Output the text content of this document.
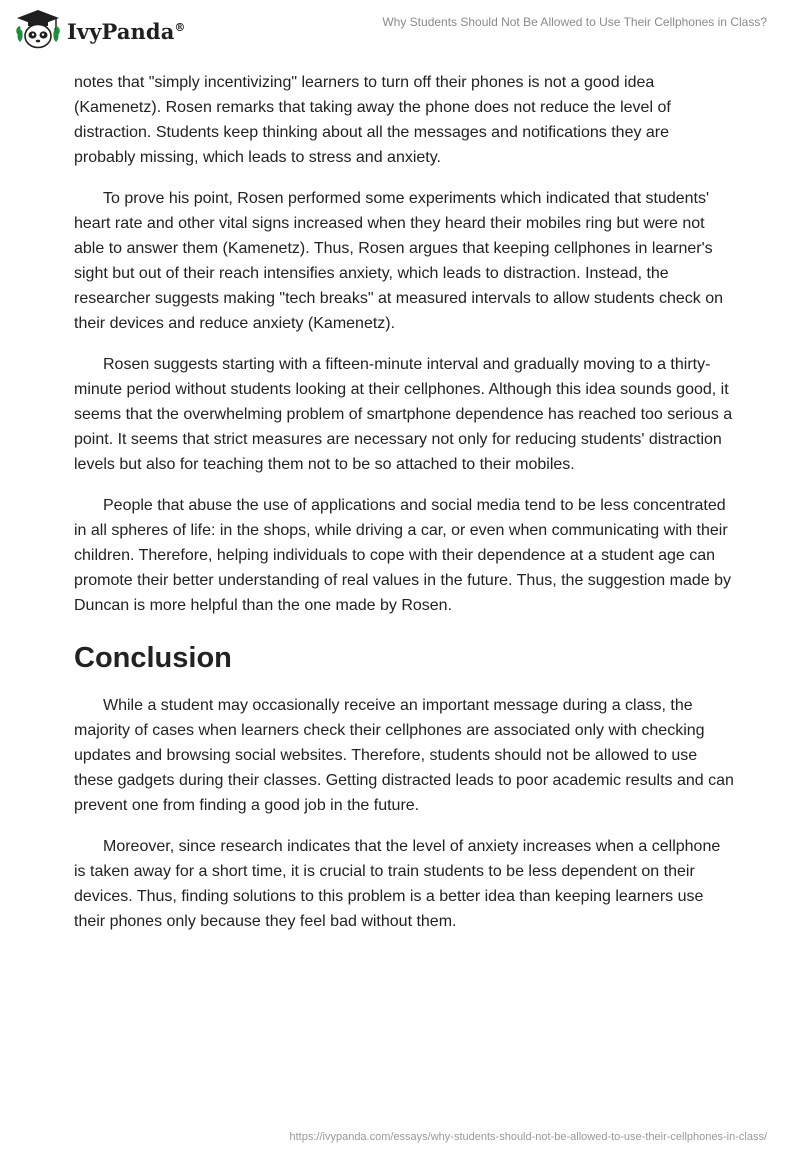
IvyPanda®	Why Students Should Not Be Allowed to Use Their Cellphones in Class?

notes that "simply incentivizing" learners to turn off their phones is not a good idea (Kamenetz). Rosen remarks that taking away the phone does not reduce the level of distraction. Students keep thinking about all the messages and notifications they are probably missing, which leads to stress and anxiety.

To prove his point, Rosen performed some experiments which indicated that students' heart rate and other vital signs increased when they heard their mobiles ring but were not able to answer them (Kamenetz). Thus, Rosen argues that keeping cellphones in learner's sight but out of their reach intensifies anxiety, which leads to distraction. Instead, the researcher suggests making "tech breaks" at measured intervals to allow students check on their devices and reduce anxiety (Kamenetz).

Rosen suggests starting with a fifteen-minute interval and gradually moving to a thirty-minute period without students looking at their cellphones. Although this idea sounds good, it seems that the overwhelming problem of smartphone dependence has reached too serious a point. It seems that strict measures are necessary not only for reducing students' distraction levels but also for teaching them not to be so attached to their mobiles.

People that abuse the use of applications and social media tend to be less concentrated in all spheres of life: in the shops, while driving a car, or even when communicating with their children. Therefore, helping individuals to cope with their dependence at a student age can promote their better understanding of real values in the future. Thus, the suggestion made by Duncan is more helpful than the one made by Rosen.

Conclusion

While a student may occasionally receive an important message during a class, the majority of cases when learners check their cellphones are associated only with checking updates and browsing social websites. Therefore, students should not be allowed to use these gadgets during their classes. Getting distracted leads to poor academic results and can prevent one from finding a good job in the future.

Moreover, since research indicates that the level of anxiety increases when a cellphone is taken away for a short time, it is crucial to train students to be less dependent on their devices. Thus, finding solutions to this problem is a better idea than keeping learners use their phones only because they feel bad without them.

https://ivypanda.com/essays/why-students-should-not-be-allowed-to-use-their-cellphones-in-class/
